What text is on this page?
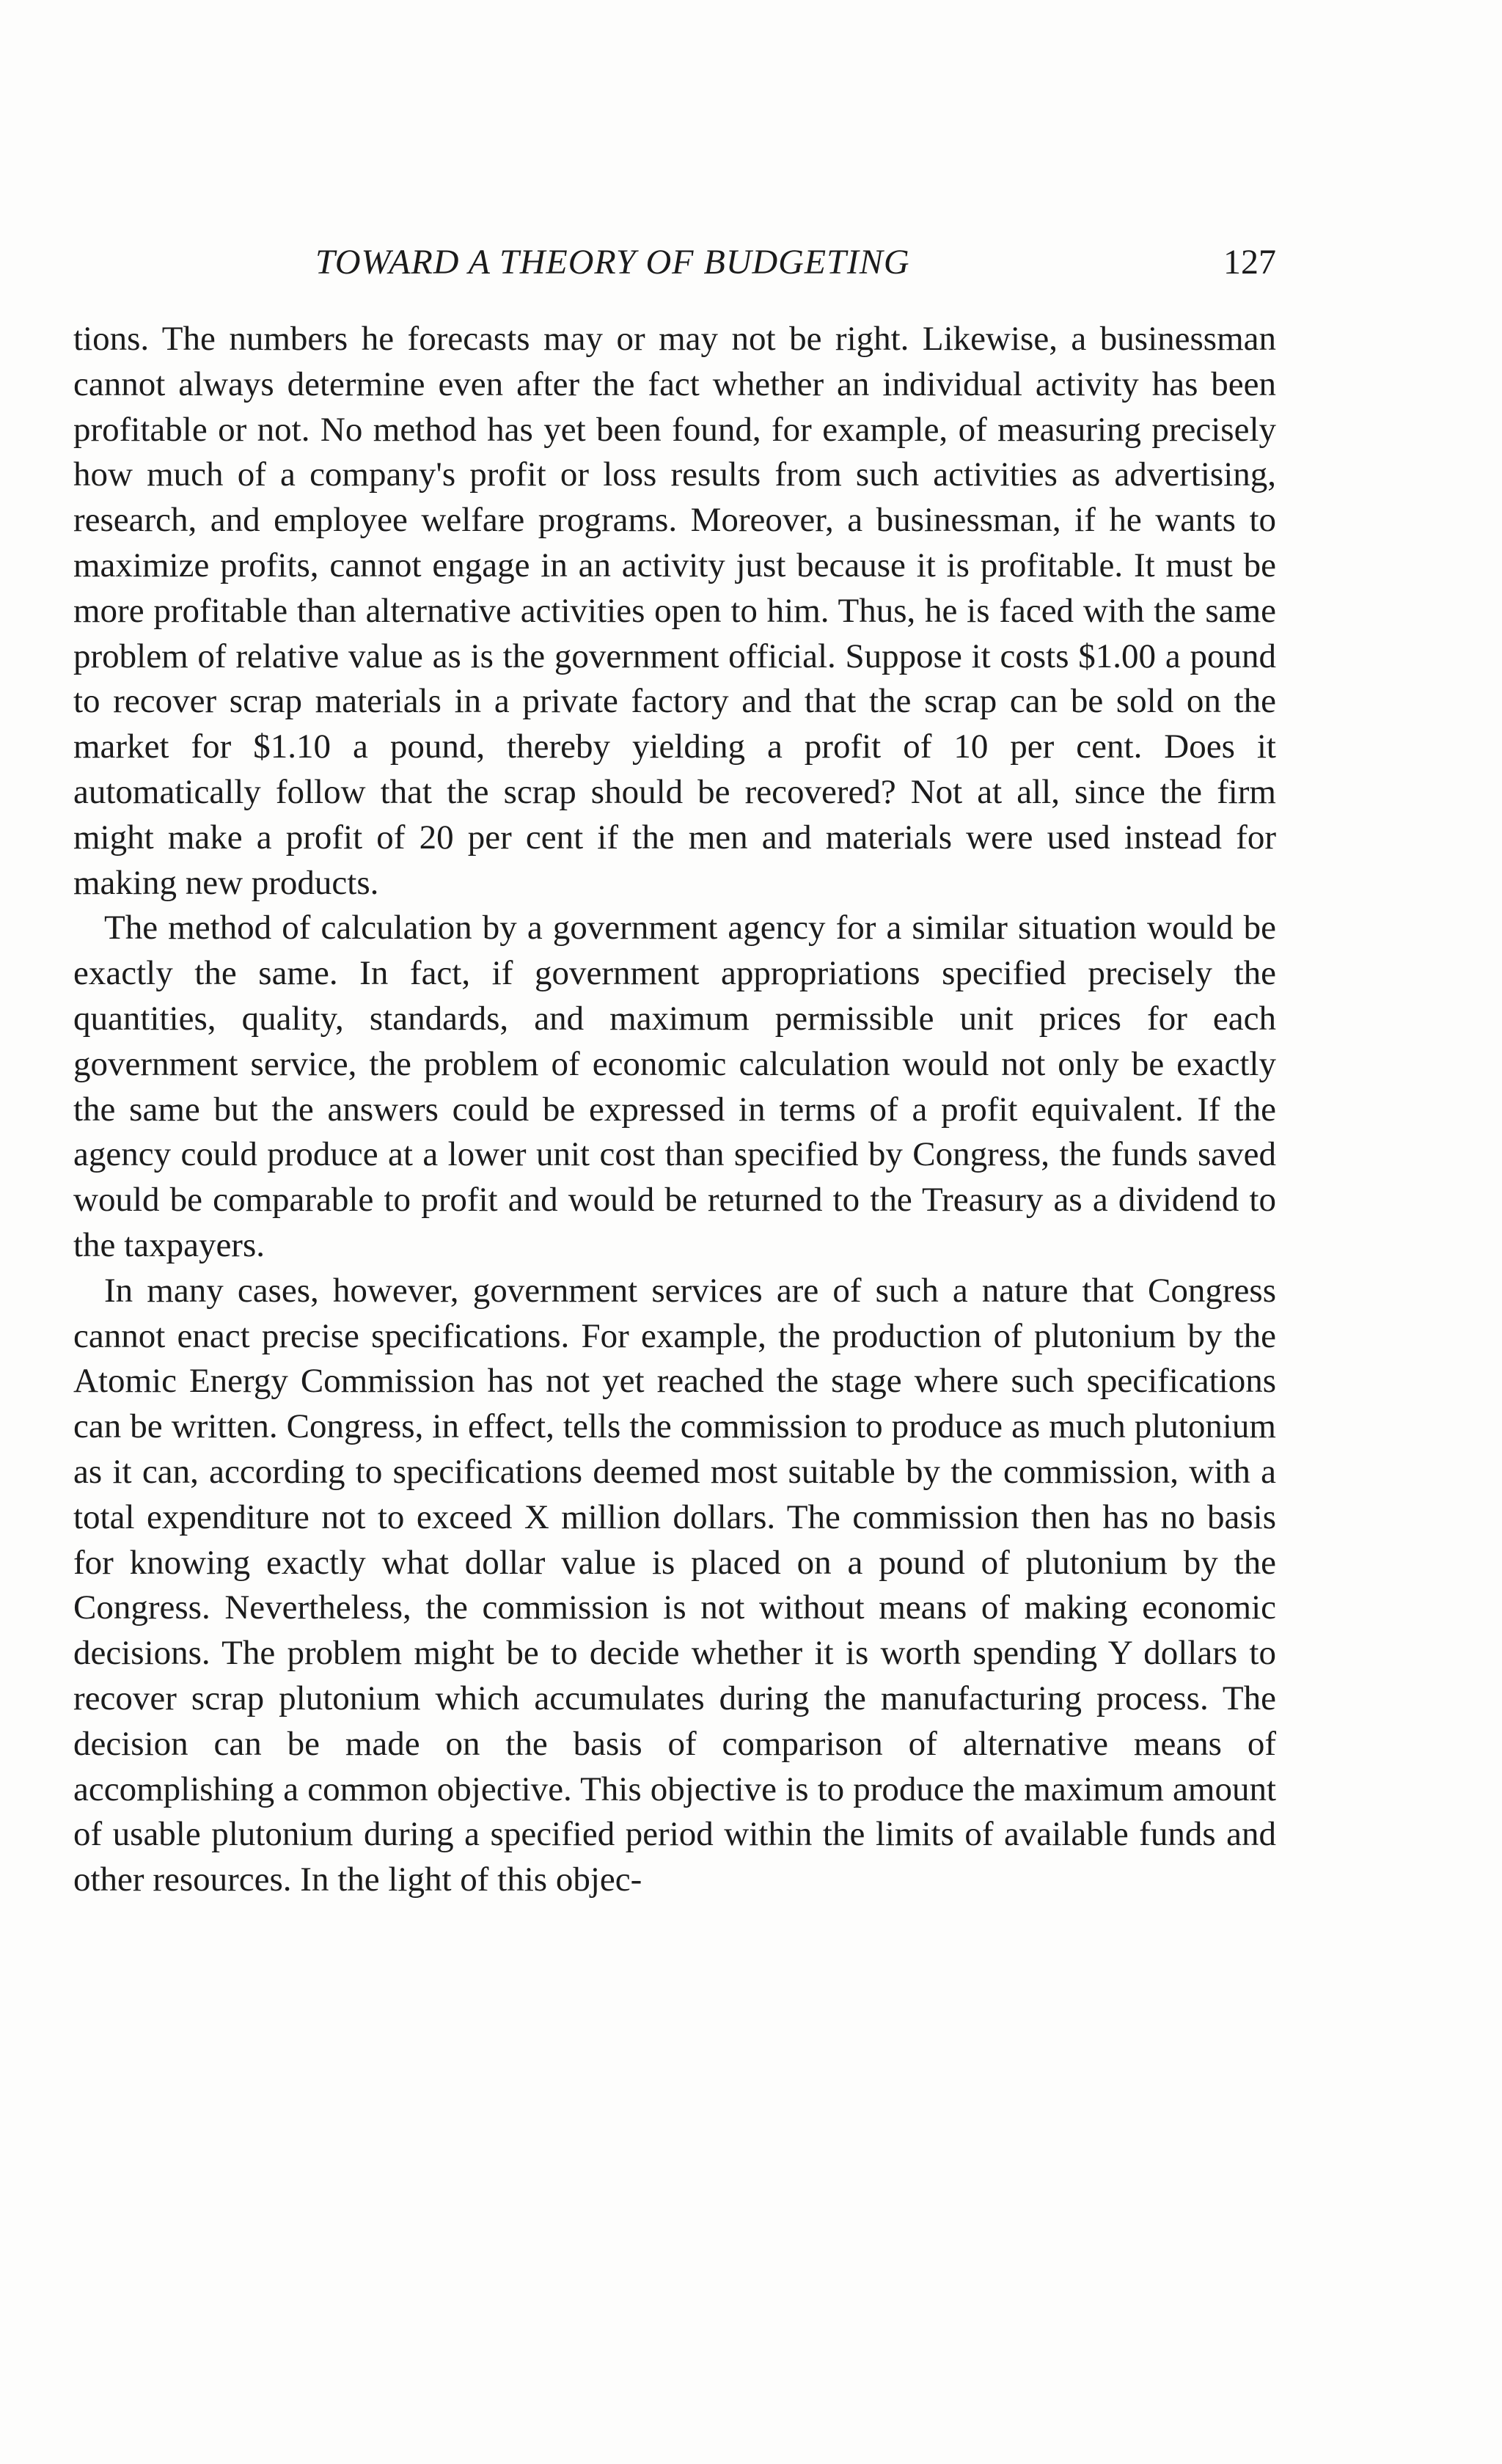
TOWARD A THEORY OF BUDGETING	127

tions. The numbers he forecasts may or may not be right. Likewise, a businessman cannot always determine even after the fact whether an individual activity has been profitable or not. No method has yet been found, for example, of measuring precisely how much of a company's profit or loss results from such activities as advertising, research, and employee welfare programs. Moreover, a businessman, if he wants to maximize profits, cannot engage in an activity just because it is profitable. It must be more profitable than alternative activities open to him. Thus, he is faced with the same problem of relative value as is the government official. Suppose it costs $1.00 a pound to recover scrap materials in a private factory and that the scrap can be sold on the market for $1.10 a pound, thereby yielding a profit of 10 per cent. Does it automatically follow that the scrap should be recovered? Not at all, since the firm might make a profit of 20 per cent if the men and materials were used instead for making new products.

The method of calculation by a government agency for a similar situation would be exactly the same. In fact, if government appropriations specified precisely the quantities, quality, standards, and maximum permissible unit prices for each government service, the problem of economic calculation would not only be exactly the same but the answers could be expressed in terms of a profit equivalent. If the agency could produce at a lower unit cost than specified by Congress, the funds saved would be comparable to profit and would be returned to the Treasury as a dividend to the taxpayers.

In many cases, however, government services are of such a nature that Congress cannot enact precise specifications. For example, the production of plutonium by the Atomic Energy Commission has not yet reached the stage where such specifications can be written. Congress, in effect, tells the commission to produce as much plutonium as it can, according to specifications deemed most suitable by the commission, with a total expenditure not to exceed X million dollars. The commission then has no basis for knowing exactly what dollar value is placed on a pound of plutonium by the Congress. Nevertheless, the commission is not without means of making economic decisions. The problem might be to decide whether it is worth spending Y dollars to recover scrap plutonium which accumulates during the manufacturing process. The decision can be made on the basis of comparison of alternative means of accomplishing a common objective. This objective is to produce the maximum amount of usable plutonium during a specified period within the limits of available funds and other resources. In the light of this objec-
